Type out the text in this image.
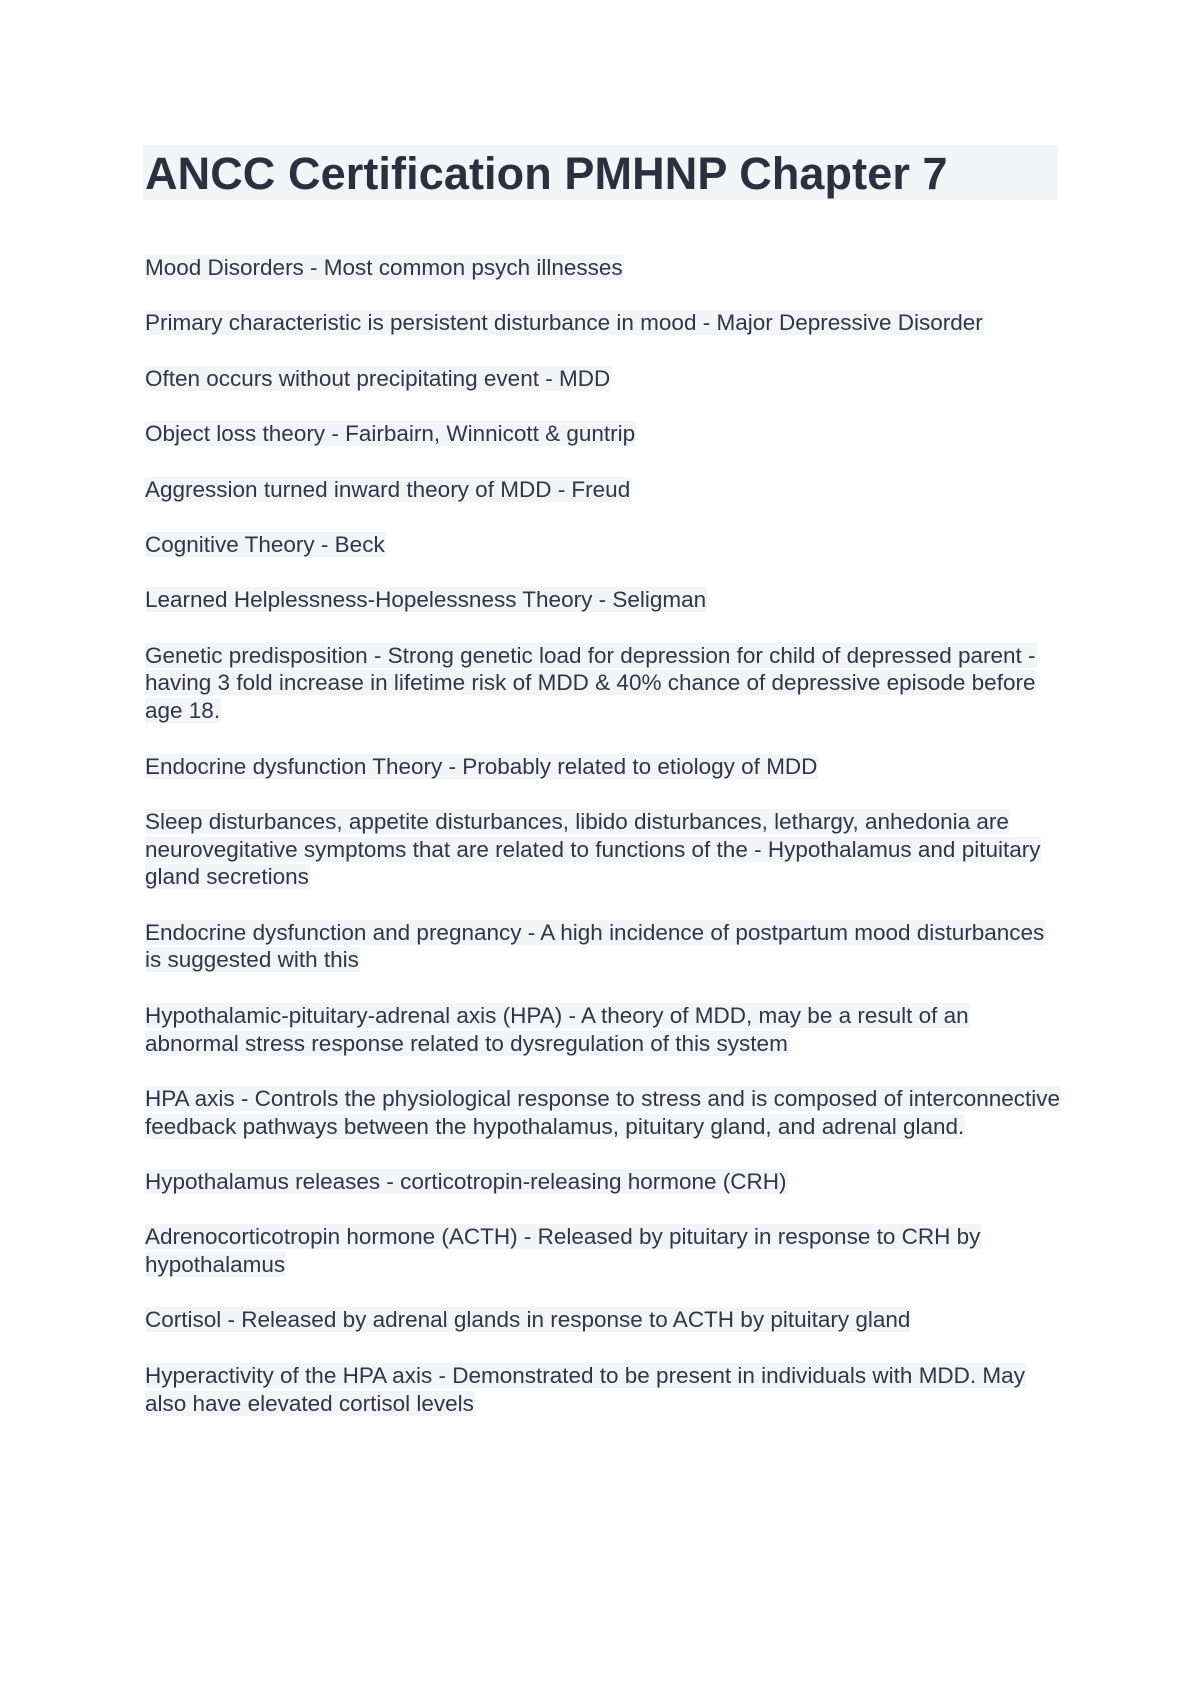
ANCC Certification PMHNP Chapter 7

Mood Disorders - Most common psych illnesses

Primary characteristic is persistent disturbance in mood - Major Depressive Disorder

Often occurs without precipitating event - MDD

Object loss theory - Fairbairn, Winnicott & guntrip

Aggression turned inward theory of MDD - Freud

Cognitive Theory - Beck

Learned Helplessness-Hopelessness Theory - Seligman

Genetic predisposition - Strong genetic load for depression for child of depressed parent -having 3 fold increase in lifetime risk of MDD & 40% chance of depressive episode before age 18.

Endocrine dysfunction Theory - Probably related to etiology of MDD

Sleep disturbances, appetite disturbances, libido disturbances, lethargy, anhedonia are neurovegitative symptoms that are related to functions of the - Hypothalamus and pituitary gland secretions

Endocrine dysfunction and pregnancy - A high incidence of postpartum mood disturbances is suggested with this

Hypothalamic-pituitary-adrenal axis (HPA) - A theory of MDD, may be a result of an abnormal stress response related to dysregulation of this system

HPA axis - Controls the physiological response to stress and is composed of interconnective feedback pathways between the hypothalamus, pituitary gland, and adrenal gland.

Hypothalamus releases - corticotropin-releasing hormone (CRH)

Adrenocorticotropin hormone (ACTH) - Released by pituitary in response to CRH by hypothalamus

Cortisol - Released by adrenal glands in response to ACTH by pituitary gland

Hyperactivity of the HPA axis - Demonstrated to be present in individuals with MDD. May also have elevated cortisol levels
